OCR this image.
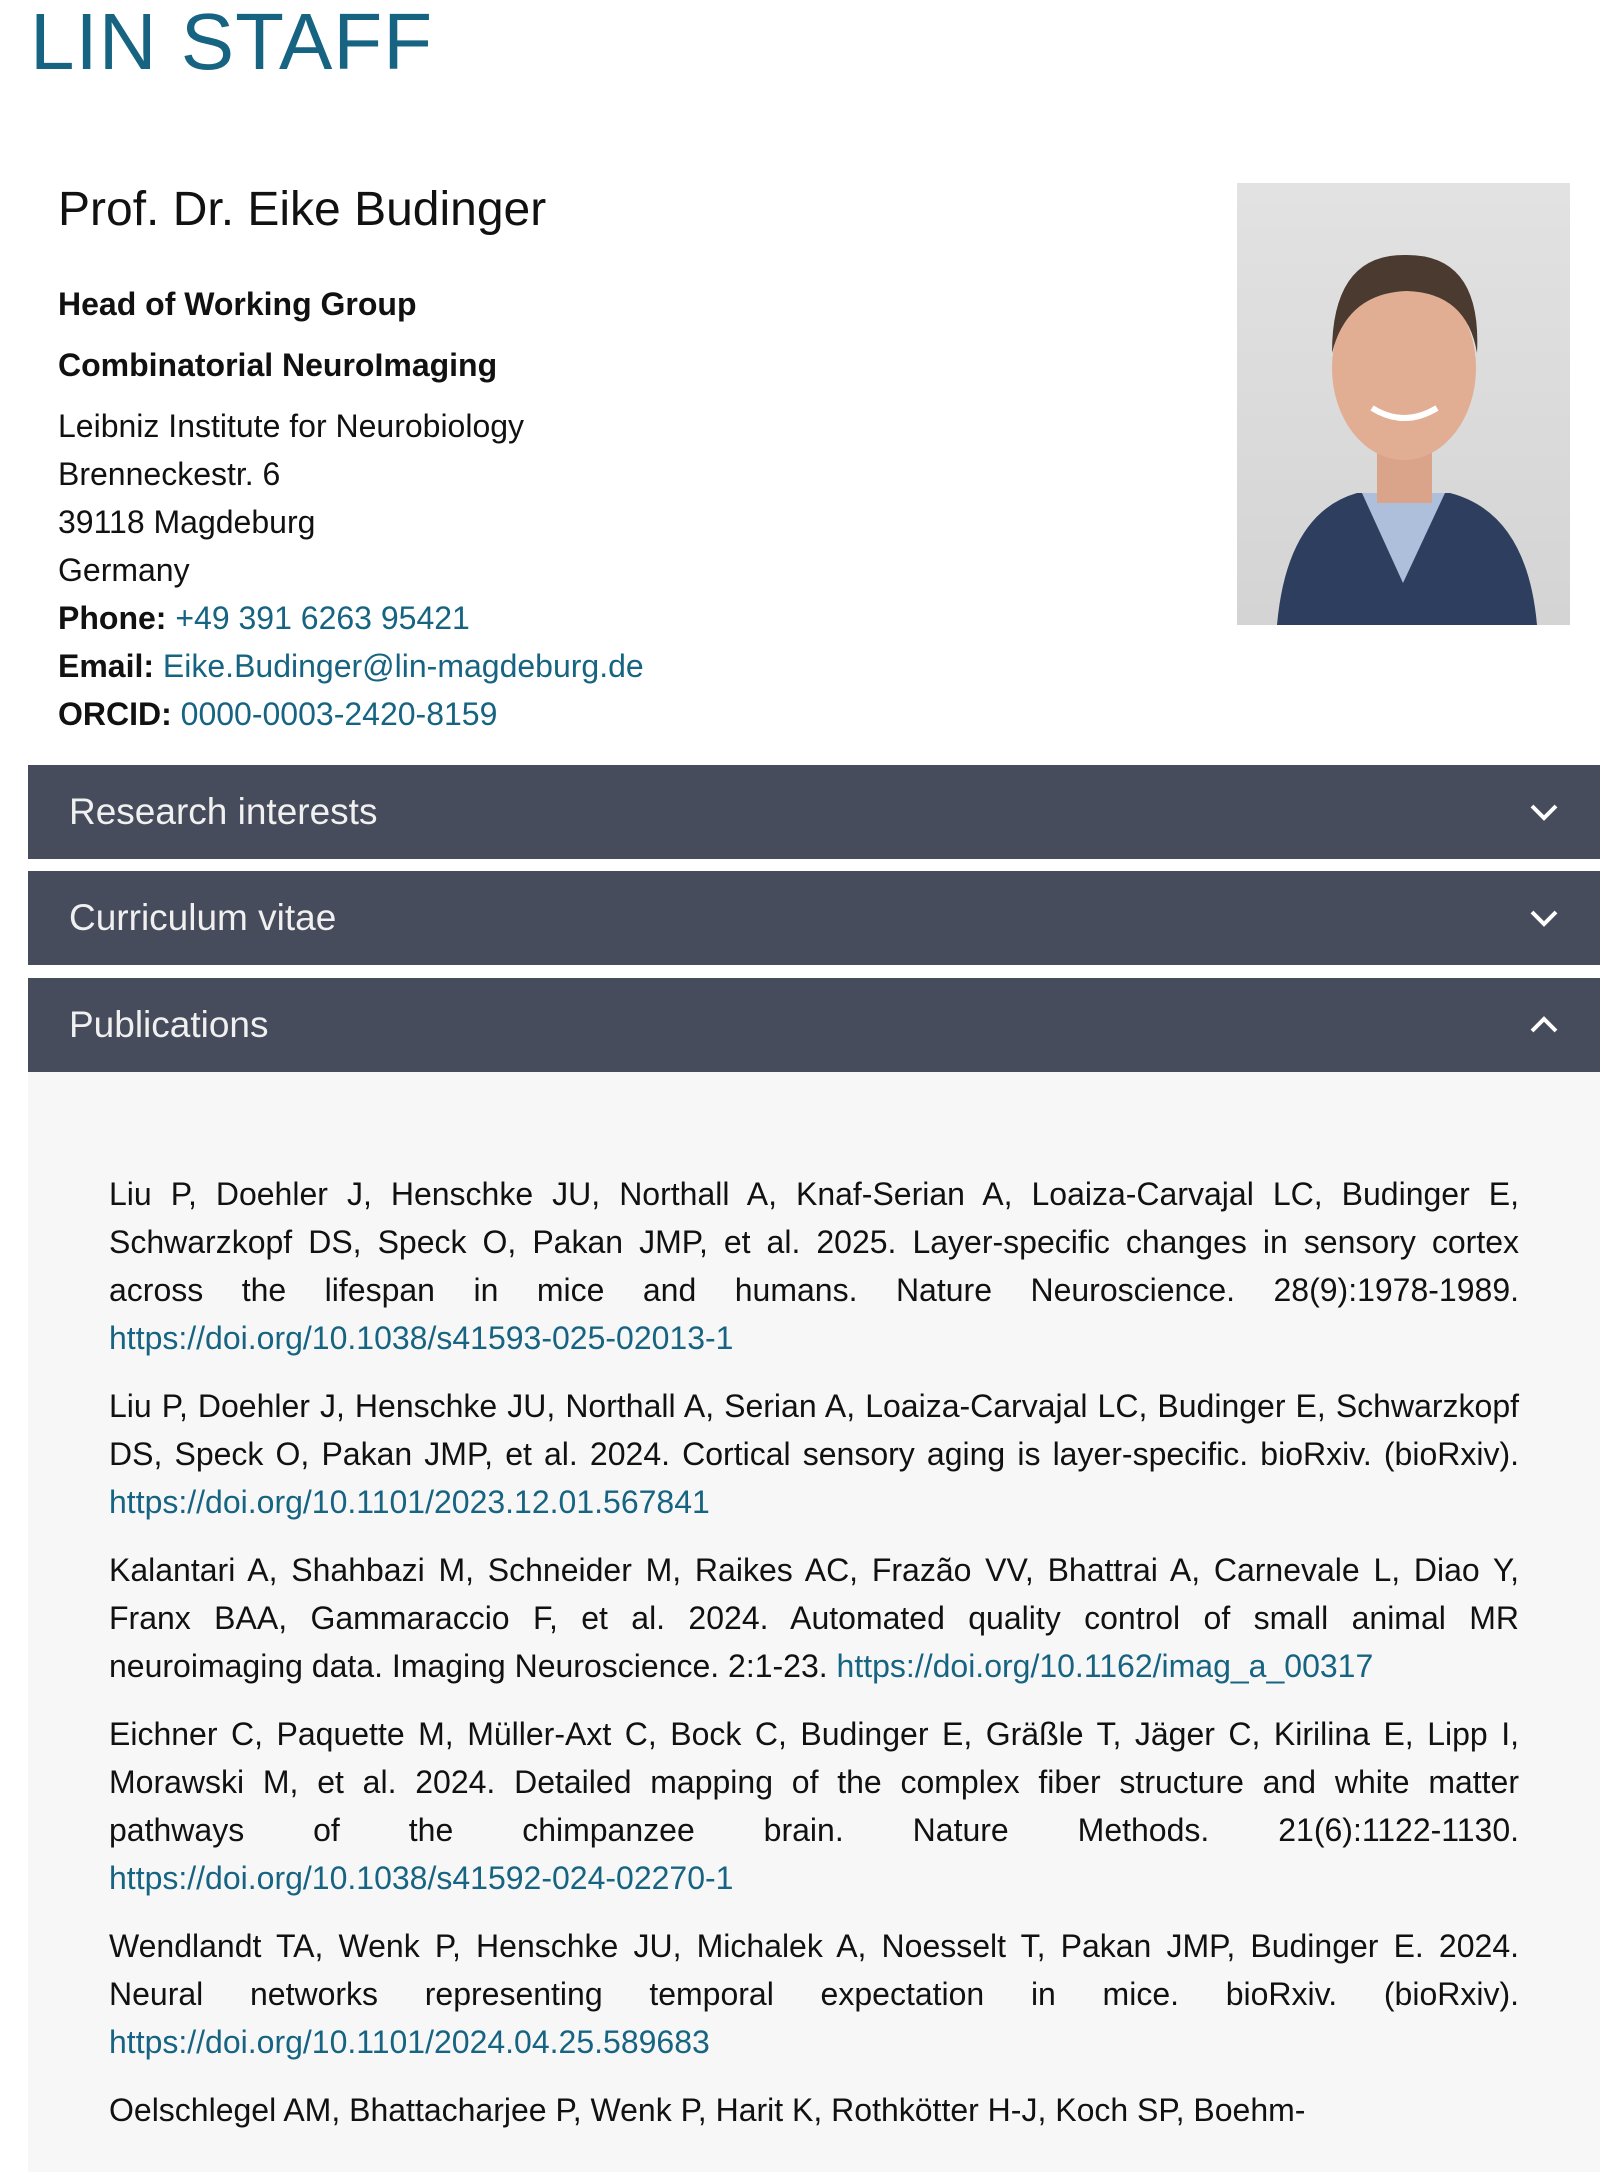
LIN STAFF
Prof. Dr. Eike Budinger
Head of Working Group
Combinatorial NeuroImaging
Leibniz Institute for Neurobiology
Brenneckestr. 6
39118 Magdeburg
Germany
Phone: +49 391 6263 95421
Email: Eike.Budinger@lin-magdeburg.de
ORCID: 0000-0003-2420-8159
Research interests
Curriculum vitae
Publications
Liu P, Doehler J, Henschke JU, Northall A, Knaf-Serian A, Loaiza-Carvajal LC, Budinger E, Schwarzkopf DS, Speck O, Pakan JMP, et al. 2025. Layer-specific changes in sensory cortex across the lifespan in mice and humans. Nature Neuroscience. 28(9):1978-1989. https://doi.org/10.1038/s41593-025-02013-1
Liu P, Doehler J, Henschke JU, Northall A, Serian A, Loaiza-Carvajal LC, Budinger E, Schwarzkopf DS, Speck O, Pakan JMP, et al. 2024. Cortical sensory aging is layer-specific. bioRxiv. (bioRxiv). https://doi.org/10.1101/2023.12.01.567841
Kalantari A, Shahbazi M, Schneider M, Raikes AC, Frazão VV, Bhattrai A, Carnevale L, Diao Y, Franx BAA, Gammaraccio F, et al. 2024. Automated quality control of small animal MR neuroimaging data. Imaging Neuroscience. 2:1-23. https://doi.org/10.1162/imag_a_00317
Eichner C, Paquette M, Müller-Axt C, Bock C, Budinger E, Gräßle T, Jäger C, Kirilina E, Lipp I, Morawski M, et al. 2024. Detailed mapping of the complex fiber structure and white matter pathways of the chimpanzee brain. Nature Methods. 21(6):1122-1130. https://doi.org/10.1038/s41592-024-02270-1
Wendlandt TA, Wenk P, Henschke JU, Michalek A, Noesselt T, Pakan JMP, Budinger E. 2024. Neural networks representing temporal expectation in mice. bioRxiv. (bioRxiv). https://doi.org/10.1101/2024.04.25.589683
Oelschlegel AM, Bhattacharjee P, Wenk P, Harit K, Rothkötter H-J, Koch SP, Boehm-
